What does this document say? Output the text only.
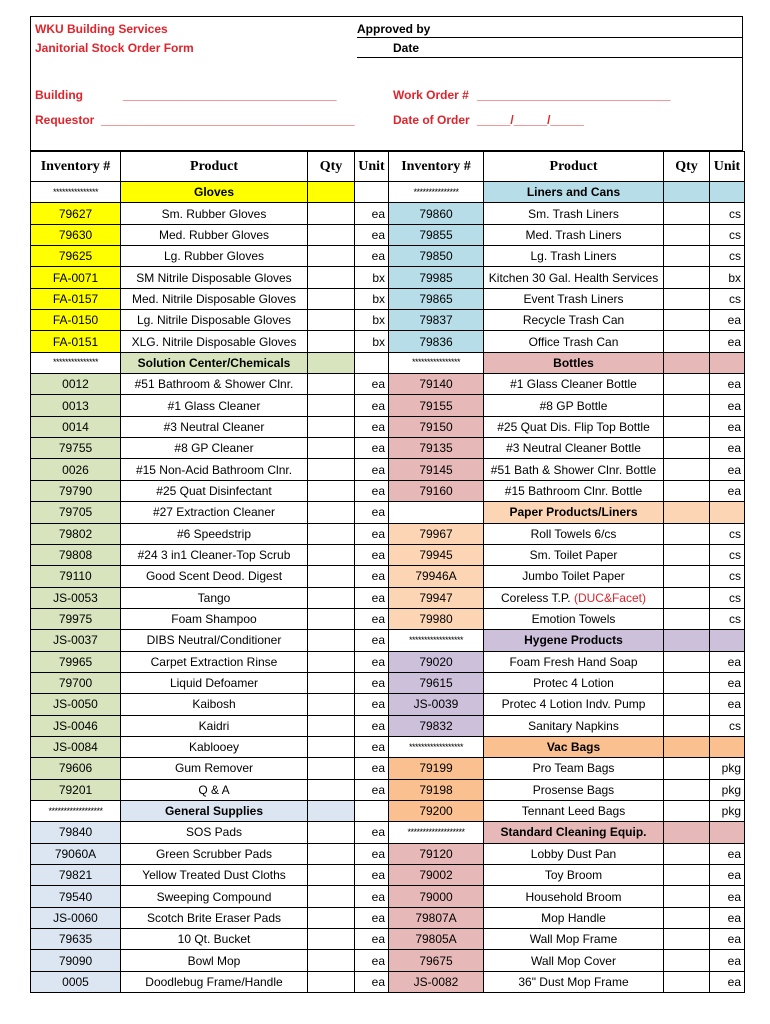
WKU Building Services
Janitorial Stock Order Form
Approved by
Date
Building	________________________________	Work Order # _____________________________
Requestor ______________________________________	Date of Order _____/_____/_____
Inventory #	Product	Qty	Unit	Inventory #	Product	Qty	Unit
***************	Gloves			***************	Liners and Cans		
79627	Sm. Rubber Gloves		ea	79860	Sm. Trash Liners		cs
79630	Med. Rubber Gloves		ea	79855	Med. Trash Liners		cs
79625	Lg. Rubber Gloves		ea	79850	Lg. Trash Liners		cs
FA-0071	SM Nitrile Disposable Gloves		bx	79985	Kitchen 30 Gal. Health Services		bx
FA-0157	Med. Nitrile Disposable Gloves		bx	79865	Event Trash Liners		cs
FA-0150	Lg. Nitrile Disposable Gloves		bx	79837	Recycle Trash Can		ea
FA-0151	XLG. Nitrile Disposable Gloves		bx	79836	Office Trash Can		ea
***************	Solution Center/Chemicals			****************	Bottles		
0012	#51 Bathroom & Shower Clnr.		ea	79140	#1 Glass Cleaner Bottle		ea
0013	#1 Glass Cleaner		ea	79155	#8 GP Bottle		ea
0014	#3 Neutral Cleaner		ea	79150	#25 Quat Dis. Flip Top Bottle		ea
79755	#8 GP Cleaner		ea	79135	#3 Neutral Cleaner Bottle		ea
0026	#15 Non-Acid Bathroom Clnr.		ea	79145	#51 Bath & Shower Clnr. Bottle		ea
79790	#25 Quat Disinfectant		ea	79160	#15 Bathroom Clnr. Bottle		ea
79705	#27 Extraction Cleaner		ea		Paper Products/Liners		
79802	#6 Speedstrip		ea	79967	Roll Towels 6/cs		cs
79808	#24 3 in1 Cleaner-Top Scrub		ea	79945	Sm. Toilet Paper		cs
79110	Good Scent Deod. Digest		ea	79946A	Jumbo Toilet Paper		cs
JS-0053	Tango		ea	79947	Coreless T.P. (DUC&Facet)		cs
79975	Foam Shampoo		ea	79980	Emotion Towels		cs
JS-0037	DIBS Neutral/Conditioner		ea	******************	Hygene Products		
79965	Carpet Extraction Rinse		ea	79020	Foam Fresh Hand Soap		ea
79700	Liquid Defoamer		ea	79615	Protec 4 Lotion		ea
JS-0050	Kaibosh		ea	JS-0039	Protec 4 Lotion Indv. Pump		ea
JS-0046	Kaidri		ea	79832	Sanitary Napkins		cs
JS-0084	Kablooey		ea	******************	Vac Bags		
79606	Gum Remover		ea	79199	Pro Team Bags		pkg
79201	Q & A		ea	79198	Prosense Bags		pkg
******************	General Supplies			79200	Tennant Leed Bags		pkg
79840	SOS Pads		ea	*******************	Standard Cleaning Equip.		
79060A	Green Scrubber Pads		ea	79120	Lobby Dust Pan		ea
79821	Yellow Treated Dust Cloths		ea	79002	Toy Broom		ea
79540	Sweeping Compound		ea	79000	Household Broom		ea
JS-0060	Scotch Brite Eraser Pads		ea	79807A	Mop Handle		ea
79635	10 Qt. Bucket		ea	79805A	Wall Mop Frame		ea
79090	Bowl Mop		ea	79675	Wall Mop Cover		ea
0005	Doodlebug Frame/Handle		ea	JS-0082	36" Dust Mop Frame		ea
